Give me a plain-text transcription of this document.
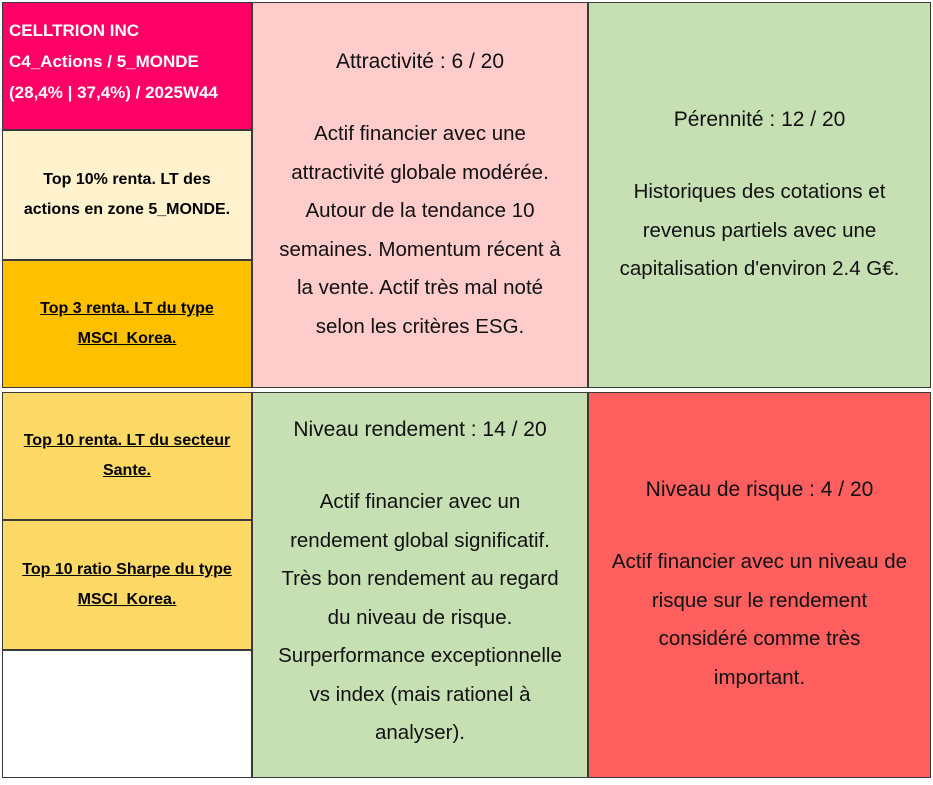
CELLTRION INC
C4_Actions / 5_MONDE
(28,4% | 37,4%) / 2025W44
Top 10% renta. LT des
actions en zone 5_MONDE.
Top 3 renta. LT du type
MSCI_Korea.
Top 10 renta. LT du secteur
Sante.
Top 10 ratio Sharpe du type
MSCI_Korea.
Attractivité : 6 / 20
Actif financier avec une
attractivité globale modérée.
Autour de la tendance 10
semaines. Momentum récent à
la vente. Actif très mal noté
selon les critères ESG.
Pérennité : 12 / 20
Historiques des cotations et
revenus partiels avec une
capitalisation d'environ 2.4 G€.
Niveau rendement : 14 / 20
Actif financier avec un
rendement global significatif.
Très bon rendement au regard
du niveau de risque.
Surperformance exceptionnelle
vs index (mais rationel à
analyser).
Niveau de risque : 4 / 20
Actif financier avec un niveau de
risque sur le rendement
considéré comme très
important.
